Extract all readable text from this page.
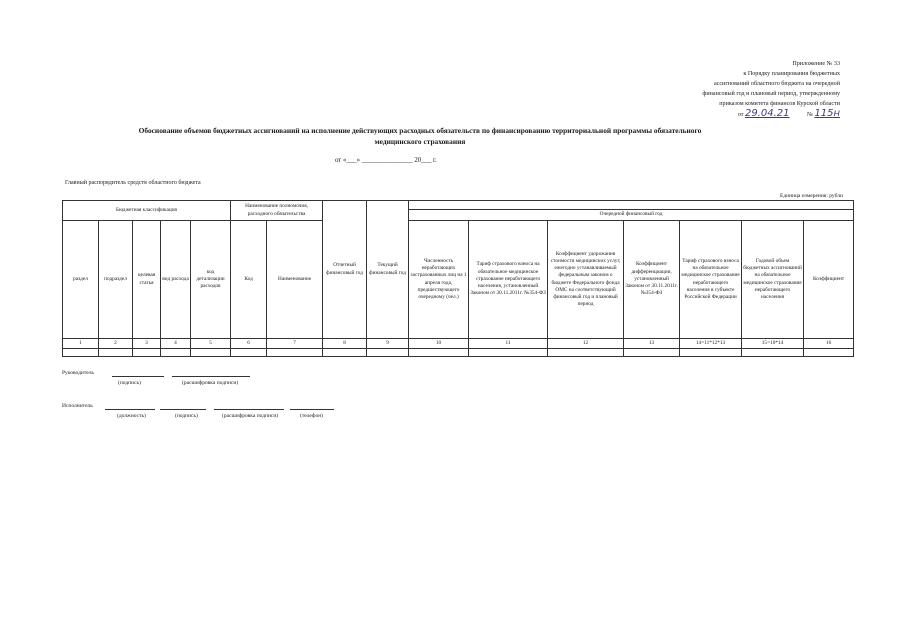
Приложение № 33
к Порядку планирования бюджетных
ассигнований областного бюджета на очередной
финансовый год и плановый период, утвержденному
приказом комитета финансов Курской области
от 29.04.21	№ 115н
Обоснование объемов бюджетных ассигнований на исполнение действующих расходных обязательств по финансированию территориальной программы обязательного
медицинского страхования
от «___» _______________ 20___ г.
Главный распорядитель средств областного бюджета
Единица измерения: рубли
Бюджетная классификация					Наименование полномочия, расходного обязательства		Отчетный финансовый год	Текущий финансовый год							
									Очередной финансовый год						
раздел	подраздел	целевая статья	вид расхода	код детализации расходов	Код	Наименование			Численность неработающих застрахованных лиц на 1 апреля года, предшествующего очередному (чел.)	Тариф страхового взноса на обязательное медицинское страхование неработающего населения, установленный Законом от 30.11.2011г. №354-ФЗ	Коэффициент удорожания стоимости медицинских услуг, ежегодно устанавливаемый федеральным законом о бюджете Федерального фонда ОМС на соответствующий финансовый год и плановый период	Коэффициент дифференциации, установленный Законом от 30.11.2011г. №354-ФЗ	Тариф страхового взноса на обязательное медицинское страхование неработающего населения в субъекте Российской Федерации	Годовой объем бюджетных ассигнований на обязательное медицинское страхование неработающего населения	Коэффициент
1	2	3	4	5	6	7	8	9	10	11	12	13	14=11*12*13	15=10*14	16

Руководитель
(подпись)	(расшифровка подписи)
Исполнитель
(должность)	(подпись)	(расшифровка подписи)	(телефон)
